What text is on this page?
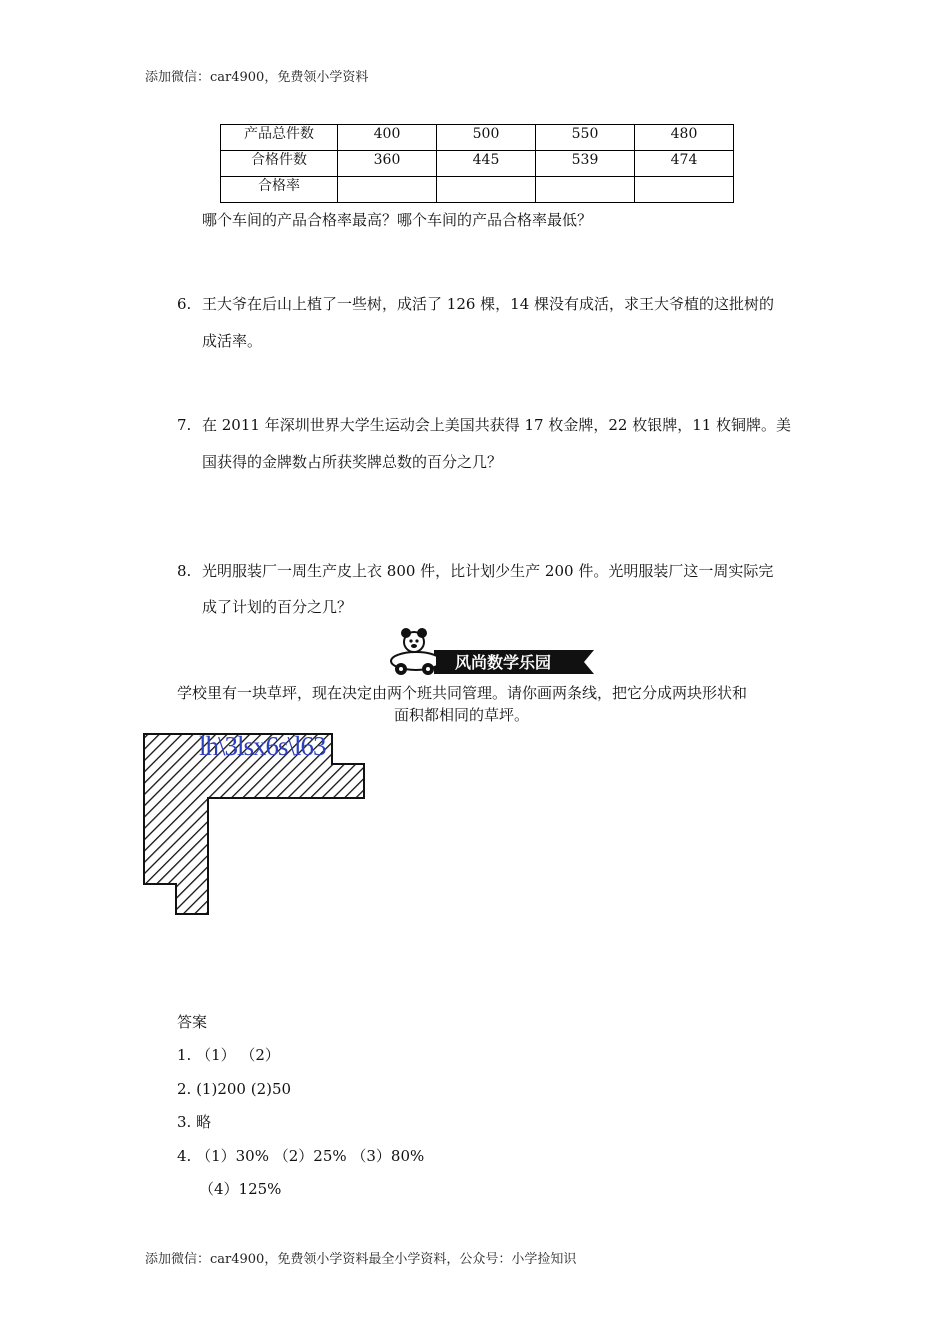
添加微信：car4900，免费领小学资料
产品总件数	400	500	550	480
合格件数	360	445	539	474
合格率				
哪个车间的产品合格率最高？哪个车间的产品合格率最低？
6. 王大爷在后山上植了一些树，成活了 126 棵，14 棵没有成活，求王大爷植的这批树的
成活率。
7. 在 2011 年深圳世界大学生运动会上美国共获得 17 枚金牌，22 枚银牌，11 枚铜牌。美
国获得的金牌数占所获奖牌总数的百分之几？
8. 光明服装厂一周生产皮上衣 800 件，比计划少生产 200 件。光明服装厂这一周实际完
成了计划的百分之几？
风尚数学乐园
学校里有一块草坪，现在决定由两个班共同管理。请你画两条线，把它分成两块形状和
面积都相同的草坪。
lh\3lsx6s\l63
答案
1. （1） （2）
2. (1)200 (2)50
3. 略
4. （1）30% （2）25% （3）80%
（4）125%
添加微信：car4900，免费领小学资料最全小学资料，公众号：小学捡知识
